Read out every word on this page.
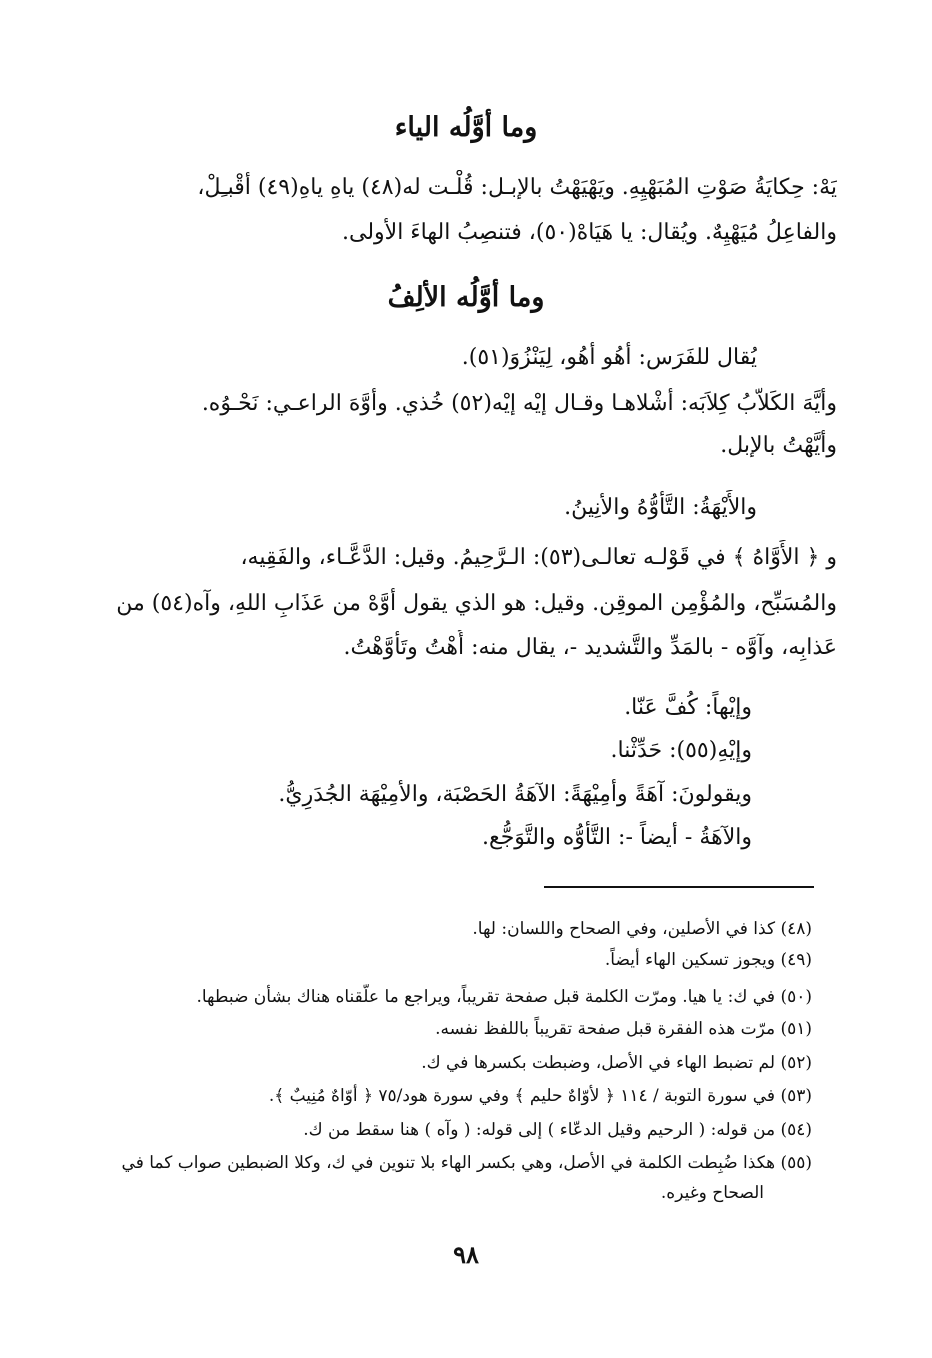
وما أوَّلُه الياء

يَهْ: حِكايَةُ صَوْتِ المُبَهْيِهِ. ويَهْيَهْتُ بالإبـل: قُلْـت له(٤٨) ياهِ ياهِ(٤٩) أقْبـِلْ،

والفاعِلُ مُيَهْيِهٌ. ويُقال: يا هَيَاهْ(٥٠)، فتنصِبُ الهاءَ الأولى.

وما أوَّلُه الألِفُ

يُقال للفَرَس: أهُو أهُو، لِيَنْزُوَ(٥١).

وأيَّهَ الكَلاّبُ كِلاَبَه: أشْلاهـا وقـال إيْه إيْه(٥٢) خُذي. وأوَّهَ الراعـي: نَحْـوُه.

وأيَّهْتُ بالإبل.

والأَيْهَةُ: التَّأوُّهُ والأنِينُ.

و ﴿ الأَوَّاهُ ﴾ في قَوْلـه تعالـى(٥٣): الـرَّحِيمُ. وقيل: الدَّعَّـاء، والفَقِيه،

والمُسَبِّح، والمُؤْمِن الموقِن. وقيل: هو الذي يقول أوَّهْ من عَذَابِ اللهِ، وآه(٥٤) من

عَذابِه، وآوَّه - بالمَدِّ والتَّشديد -، يقال منه: أُهْتُ وتَأوَّهْتُ.

وإيْهاً: كُفَّ عَنّا.

وإيْهِ(٥٥): حَدِّثْنا.

ويقولونَ: آهَةً وأمِيْهَةً: الآهَةُ الحَصْبَة، والأمِيْهَة الجُدَرِيُّ.

والآهَةُ - أيضاً -: التَّأوُّه والتَّوَجُّع.

(٤٨) كذا في الأصلين، وفي الصحاح واللسان: لها.

(٤٩) ويجوز تسكين الهاء أيضاً.

(٥٠) في ك: يا هيا. ومرّت الكلمة قبل صفحة تقريباً، ويراجع ما علّقناه هناك بشأن ضبطها.

(٥١) مرّت هذه الفقرة قبل صفحة تقريباً باللفظ نفسه.

(٥٢) لم تضبط الهاء في الأصل، وضبطت بكسرها في ك.

(٥٣) في سورة التوبة / ١١٤ ﴿ لأوّاهٌ حليم ﴾ وفي سورة هود/٧٥ ﴿ أوّاهٌ مُنِيبٌ ﴾.

(٥٤) من قوله: ( الرحيم وقيل الدعّاء ) إلى قوله: ( وآه ) هنا سقط من ك.

(٥٥) هكذا ضُبِطت الكلمة في الأصل، وهي بكسر الهاء بلا تنوين في ك، وكلا الضبطين صواب كما في

الصحاح وغيره.

٩٨
